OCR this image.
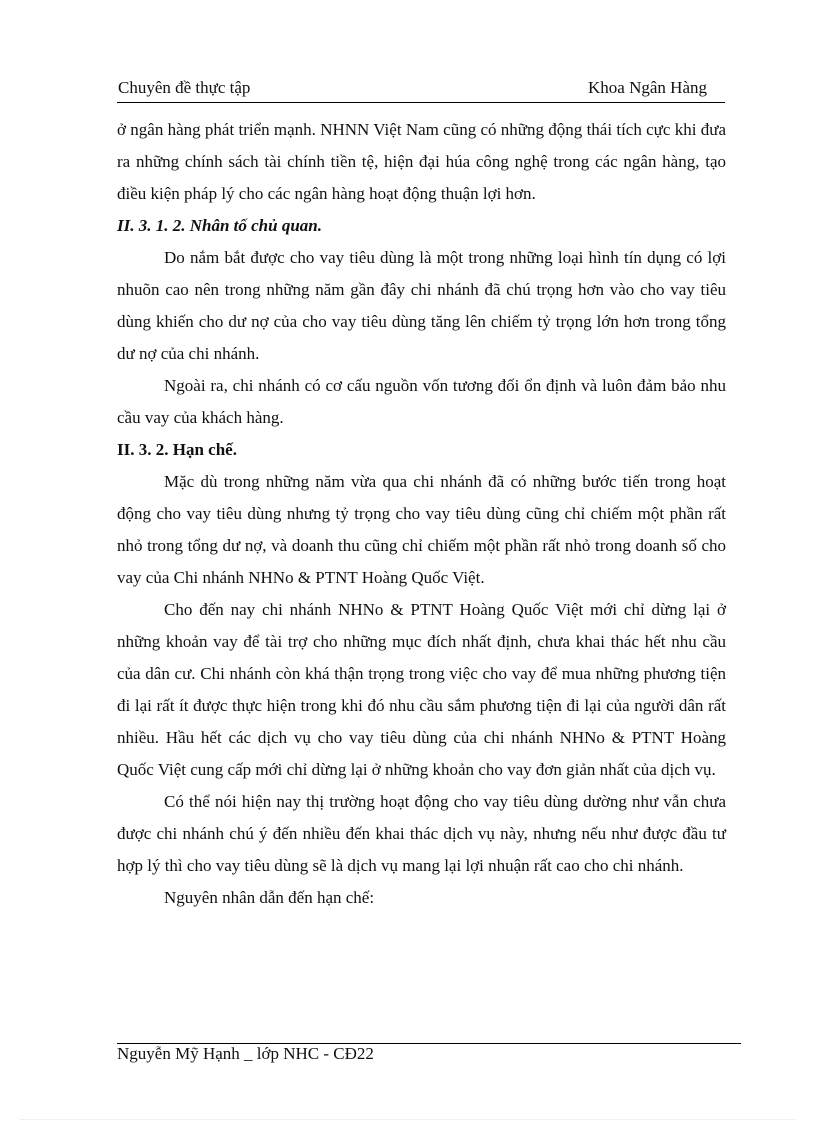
Chuyên đề thực tập	Khoa Ngân Hàng

ở ngân hàng phát triển mạnh. NHNN Việt Nam cũng có những động thái tích cực khi đưa ra những chính sách tài chính tiền tệ, hiện đại húa công nghệ trong các ngân hàng, tạo điều kiện pháp lý cho các ngân hàng hoạt động thuận lợi hơn.

II. 3. 1. 2. Nhân tố chủ quan.

Do nắm bắt được cho vay tiêu dùng là một trong những loại hình tín dụng có lợi nhuõn cao nên trong những năm gần đây chi nhánh đã chú trọng hơn vào cho vay tiêu dùng khiến cho dư nợ của cho vay tiêu dùng tăng lên chiếm tỷ trọng lớn hơn trong tổng dư nợ của chi nhánh.

Ngoài ra, chi nhánh có cơ cấu nguồn vốn tương đối ổn định và luôn đảm bảo nhu cầu vay của khách hàng.

II. 3. 2. Hạn chế.

Mặc dù trong những năm vừa qua chi nhánh đã có những bước tiến trong hoạt động cho vay tiêu dùng nhưng tỷ trọng cho vay tiêu dùng cũng chỉ chiếm một phần rất nhỏ trong tổng dư nợ, và doanh thu cũng chỉ chiếm một phần rất nhỏ trong doanh số cho vay của Chi nhánh NHNo & PTNT Hoàng Quốc Việt.

Cho đến nay chi nhánh NHNo & PTNT Hoàng Quốc Việt mới chỉ dừng lại ở những khoản vay để tài trợ cho những mục đích nhất định, chưa khai thác hết nhu cầu của dân cư. Chi nhánh còn khá thận trọng trong việc cho vay để mua những phương tiện đi lại rất ít được thực hiện trong khi đó nhu cầu sắm phương tiện đi lại của người dân rất nhiều. Hầu hết các dịch vụ cho vay tiêu dùng của chi nhánh NHNo & PTNT Hoàng Quốc Việt cung cấp mới chỉ dừng lại ở những khoản cho vay đơn giản nhất của dịch vụ.

Có thể nói hiện nay thị trường hoạt động cho vay tiêu dùng dường như vẫn chưa được chi nhánh chú ý đến nhiều đến khai thác dịch vụ này, nhưng nếu như được đầu tư hợp lý thì cho vay tiêu dùng sẽ là dịch vụ mang lại lợi nhuận rất cao cho chi nhánh.

Nguyên nhân dẫn đến hạn chế:

Nguyễn Mỹ Hạnh _ lớp NHC - CĐ22
